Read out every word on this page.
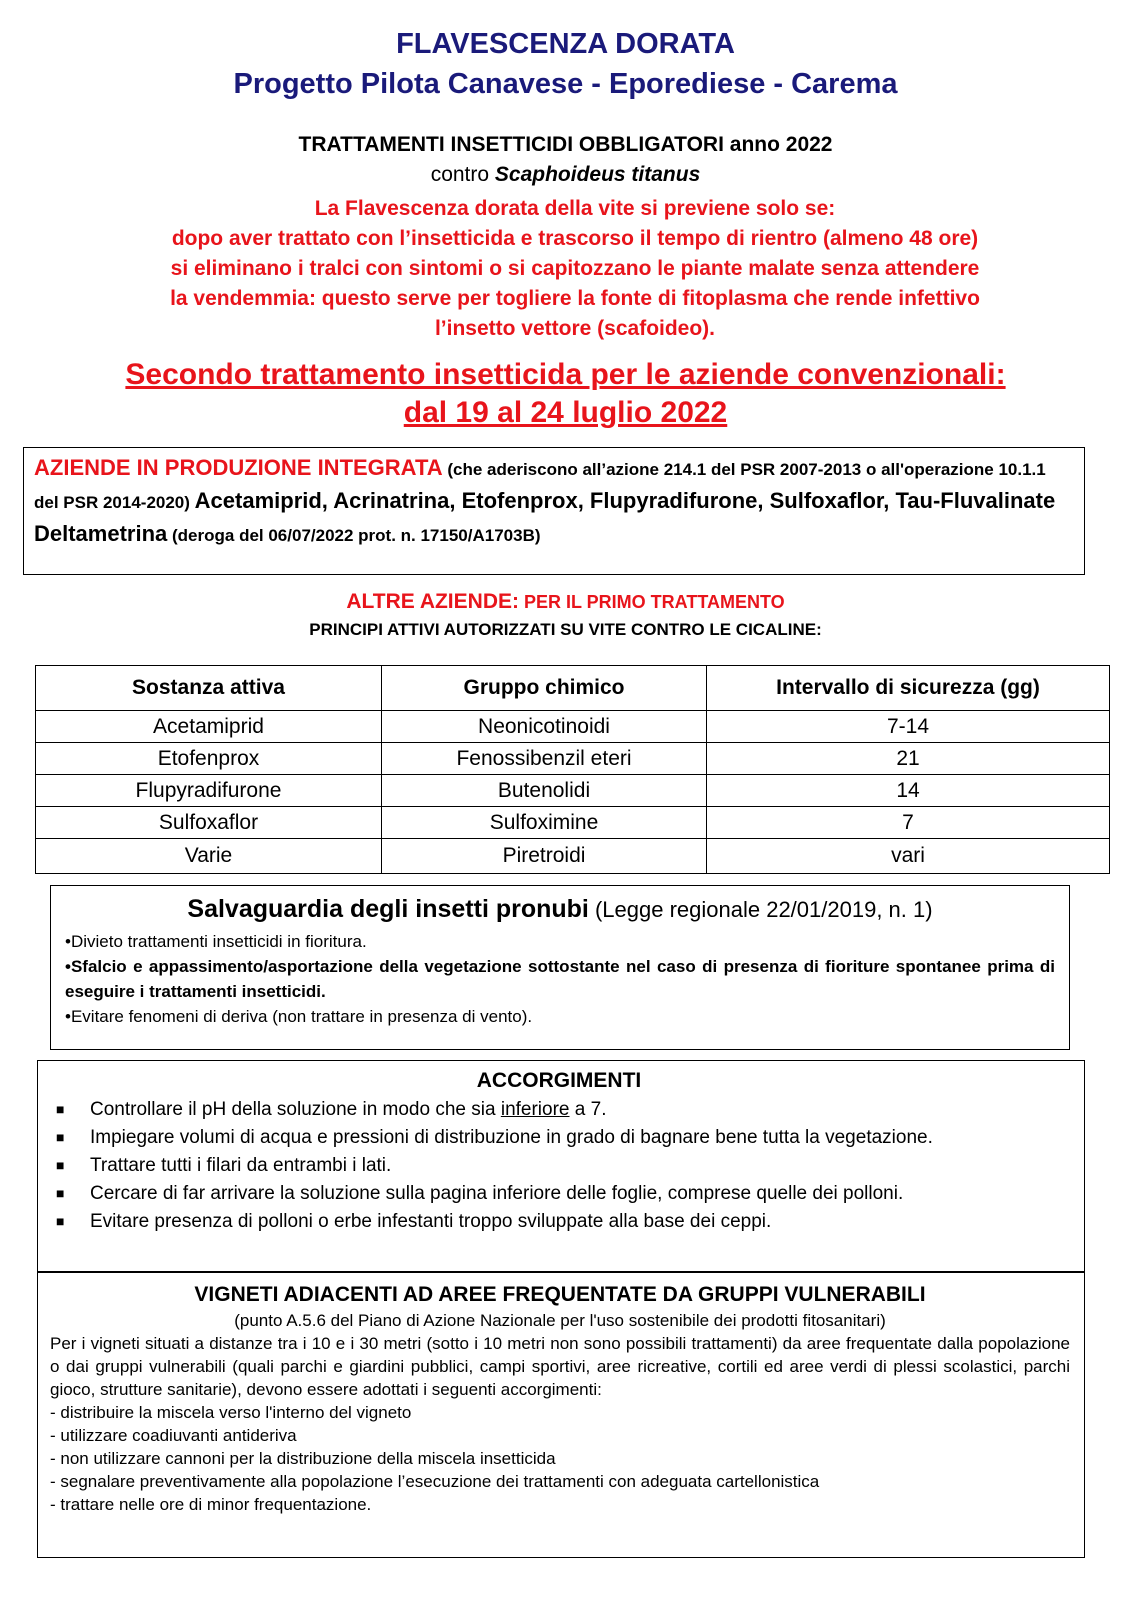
FLAVESCENZA DORATA
Progetto Pilota Canavese - Eporediese - Carema
TRATTAMENTI INSETTICIDI OBBLIGATORI anno 2022
contro Scaphoideus titanus
La Flavescenza dorata della vite si previene solo se:
dopo aver trattato con l’insetticida e trascorso il tempo di rientro (almeno 48 ore)
si eliminano i tralci con sintomi o si capitozzano le piante malate senza attendere
la vendemmia: questo serve per togliere la fonte di fitoplasma che rende infettivo
l’insetto vettore (scafoideo).
Secondo trattamento insetticida per le aziende convenzionali:
dal 19 al 24 luglio 2022
AZIENDE IN PRODUZIONE INTEGRATA (che aderiscono all’azione 214.1 del PSR 2007-2013 o all'operazione 10.1.1 del PSR 2014-2020) Acetamiprid, Acrinatrina, Etofenprox, Flupyradifurone, Sulfoxaflor, Tau-Fluvalinate
Deltametrina (deroga del 06/07/2022 prot. n. 17150/A1703B)
ALTRE AZIENDE: PER IL PRIMO TRATTAMENTO
PRINCIPI ATTIVI AUTORIZZATI SU VITE CONTRO LE CICALINE:
Sostanza attiva	Gruppo chimico	Intervallo di sicurezza (gg)
Acetamiprid	Neonicotinoidi	7-14
Etofenprox	Fenossibenzil eteri	21
Flupyradifurone	Butenolidi	14
Sulfoxaflor	Sulfoximine	7
Varie	Piretroidi	vari
Salvaguardia degli insetti pronubi (Legge regionale 22/01/2019, n. 1)

•Divieto trattamenti insetticidi in fioritura.

•Sfalcio e appassimento/asportazione della vegetazione sottostante nel caso di presenza di fioriture spontanee prima di eseguire i trattamenti insetticidi.

•Evitare fenomeni di deriva (non trattare in presenza di vento).

ACCORGIMENTI
■ Controllare il pH della soluzione in modo che sia inferiore a 7.
■ Impiegare volumi di acqua e pressioni di distribuzione in grado di bagnare bene tutta la vegetazione.
■ Trattare tutti i filari da entrambi i lati.
■ Cercare di far arrivare la soluzione sulla pagina inferiore delle foglie, comprese quelle dei polloni.
■ Evitare presenza di polloni o erbe infestanti troppo sviluppate alla base dei ceppi.
VIGNETI ADIACENTI AD AREE FREQUENTATE DA GRUPPI VULNERABILI
(punto A.5.6 del Piano di Azione Nazionale per l'uso sostenibile dei prodotti fitosanitari)

Per i vigneti situati a distanze tra i 10 e i 30 metri (sotto i 10 metri non sono possibili trattamenti) da aree frequentate dalla popolazione o dai gruppi vulnerabili (quali parchi e giardini pubblici, campi sportivi, aree ricreative, cortili ed aree verdi di plessi scolastici, parchi gioco, strutture sanitarie), devono essere adottati i seguenti accorgimenti:

- distribuire la miscela verso l'interno del vigneto
- utilizzare coadiuvanti antideriva
- non utilizzare cannoni per la distribuzione della miscela insetticida
- segnalare preventivamente alla popolazione l’esecuzione dei trattamenti con adeguata cartellonistica
- trattare nelle ore di minor frequentazione.
